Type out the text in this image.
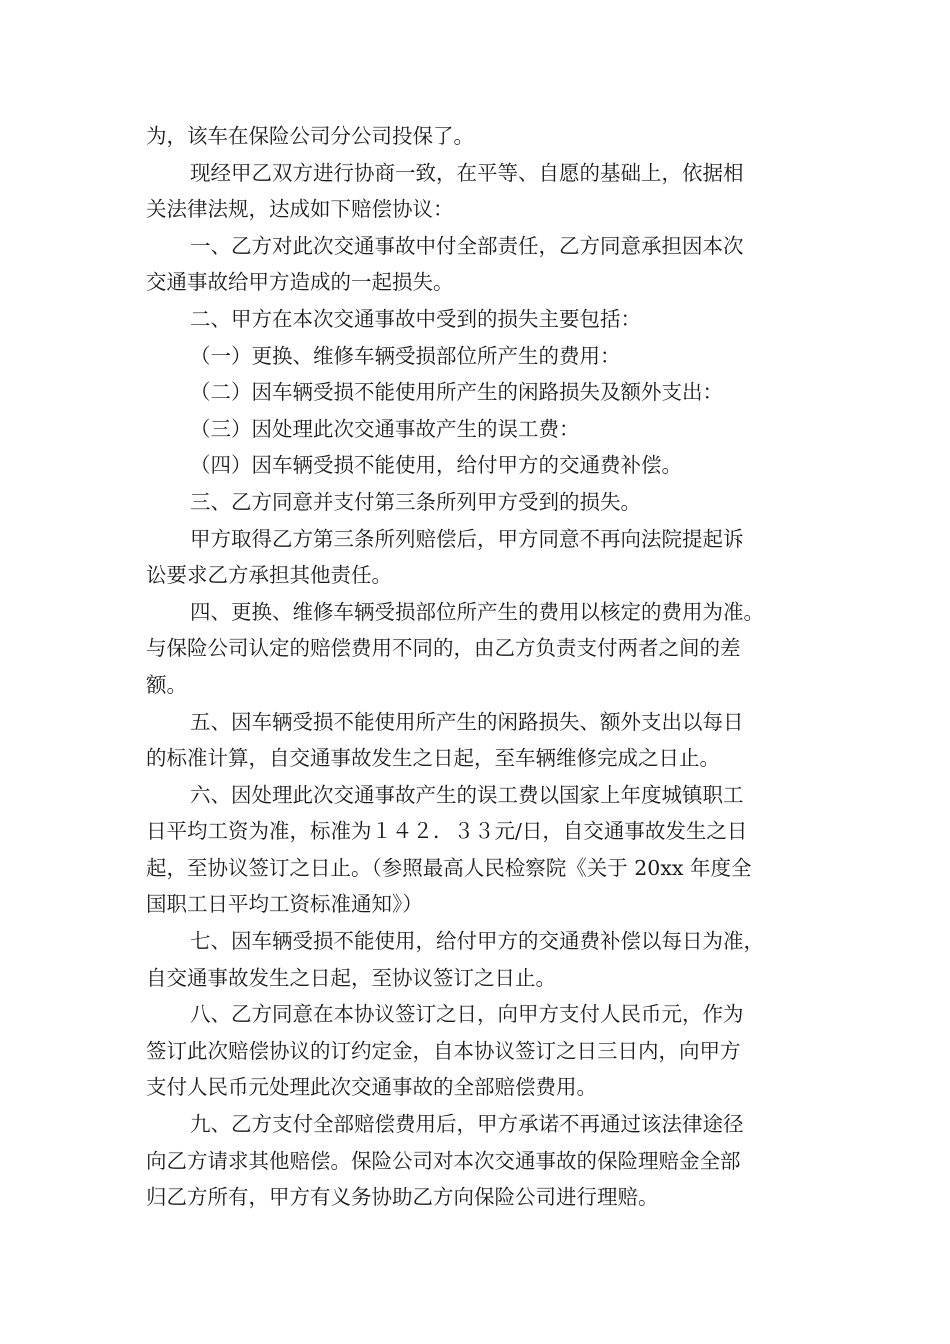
为，该车在保险公司分公司投保了。
现经甲乙双方进行协商一致，在平等、自愿的基础上，依据相
关法律法规，达成如下赔偿协议：
一、乙方对此次交通事故中付全部责任，乙方同意承担因本次
交通事故给甲方造成的一起损失。
二、甲方在本次交通事故中受到的损失主要包括：
（一）更换、维修车辆受损部位所产生的费用：
（二）因车辆受损不能使用所产生的闲路损失及额外支出：
（三）因处理此次交通事故产生的误工费：
（四）因车辆受损不能使用，给付甲方的交通费补偿。
三、乙方同意并支付第三条所列甲方受到的损失。
甲方取得乙方第三条所列赔偿后，甲方同意不再向法院提起诉
讼要求乙方承担其他责任。
四、更换、维修车辆受损部位所产生的费用以核定的费用为准。
与保险公司认定的赔偿费用不同的，由乙方负责支付两者之间的差
额。
五、因车辆受损不能使用所产生的闲路损失、额外支出以每日
的标准计算，自交通事故发生之日起，至车辆维修完成之日止。
六、因处理此次交通事故产生的误工费以国家上年度城镇职工
日平均工资为准，标准为１４２．３３元/日，自交通事故发生之日
起，至协议签订之日止。（参照最高人民检察院《关于 20xx 年度全
国职工日平均工资标准通知》）
七、因车辆受损不能使用，给付甲方的交通费补偿以每日为准，
自交通事故发生之日起，至协议签订之日止。
八、乙方同意在本协议签订之日，向甲方支付人民币元，作为
签订此次赔偿协议的订约定金，自本协议签订之日三日内，向甲方
支付人民币元处理此次交通事故的全部赔偿费用。
九、乙方支付全部赔偿费用后，甲方承诺不再通过该法律途径
向乙方请求其他赔偿。保险公司对本次交通事故的保险理赔金全部
归乙方所有，甲方有义务协助乙方向保险公司进行理赔。
